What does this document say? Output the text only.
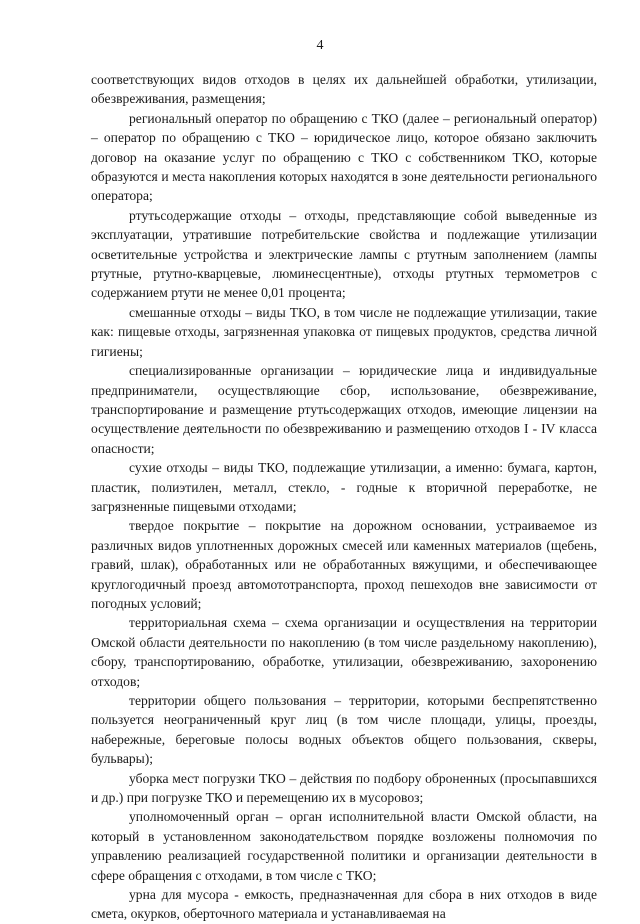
4

соответствующих видов отходов в целях их дальнейшей обработки, утилизации, обезвреживания, размещения;

региональный оператор по обращению с ТКО (далее – региональный оператор) – оператор по обращению с ТКО – юридическое лицо, которое обязано заключить договор на оказание услуг по обращению с ТКО с собственником ТКО, которые образуются и места накопления которых находятся в зоне деятельности регионального оператора;

ртутьсодержащие отходы – отходы, представляющие собой выведенные из эксплуатации, утратившие потребительские свойства и подлежащие утилизации осветительные устройства и электрические лампы с ртутным заполнением (лампы ртутные, ртутно-кварцевые, люминесцентные), отходы ртутных термометров с содержанием ртути не менее 0,01 процента;

смешанные отходы – виды ТКО, в том числе не подлежащие утилизации, такие как: пищевые отходы, загрязненная упаковка от пищевых продуктов, средства личной гигиены;

специализированные организации – юридические лица и индивидуальные предприниматели, осуществляющие сбор, использование, обезвреживание, транспортирование и размещение ртутьсодержащих отходов, имеющие лицензии на осуществление деятельности по обезвреживанию и размещению отходов I - IV класса опасности;

сухие отходы – виды ТКО, подлежащие утилизации, а именно: бумага, картон, пластик, полиэтилен, металл, стекло, - годные к вторичной переработке, не загрязненные пищевыми отходами;

твердое покрытие – покрытие на дорожном основании, устраиваемое из различных видов уплотненных дорожных смесей или каменных материалов (щебень, гравий, шлак), обработанных или не обработанных вяжущими, и обеспечивающее круглогодичный проезд автомототранспорта, проход пешеходов вне зависимости от погодных условий;

территориальная схема – схема организации и осуществления на территории Омской области деятельности по накоплению (в том числе раздельному накоплению), сбору, транспортированию, обработке, утилизации, обезвреживанию, захоронению отходов;

территории общего пользования – территории, которыми беспрепятственно пользуется неограниченный круг лиц (в том числе площади, улицы, проезды, набережные, береговые полосы водных объектов общего пользования, скверы, бульвары);

уборка мест погрузки ТКО – действия по подбору оброненных (просыпавшихся и др.) при погрузке ТКО и перемещению их в мусоровоз;

уполномоченный орган – орган исполнительной власти Омской области, на который в установленном законодательством порядке возложены полномочия по управлению реализацией государственной политики и организации деятельности в сфере обращения с отходами, в том числе с ТКО;

урна для мусора - емкость, предназначенная для сбора в них отходов в виде смета, окурков, оберточного материала и устанавливаемая на
